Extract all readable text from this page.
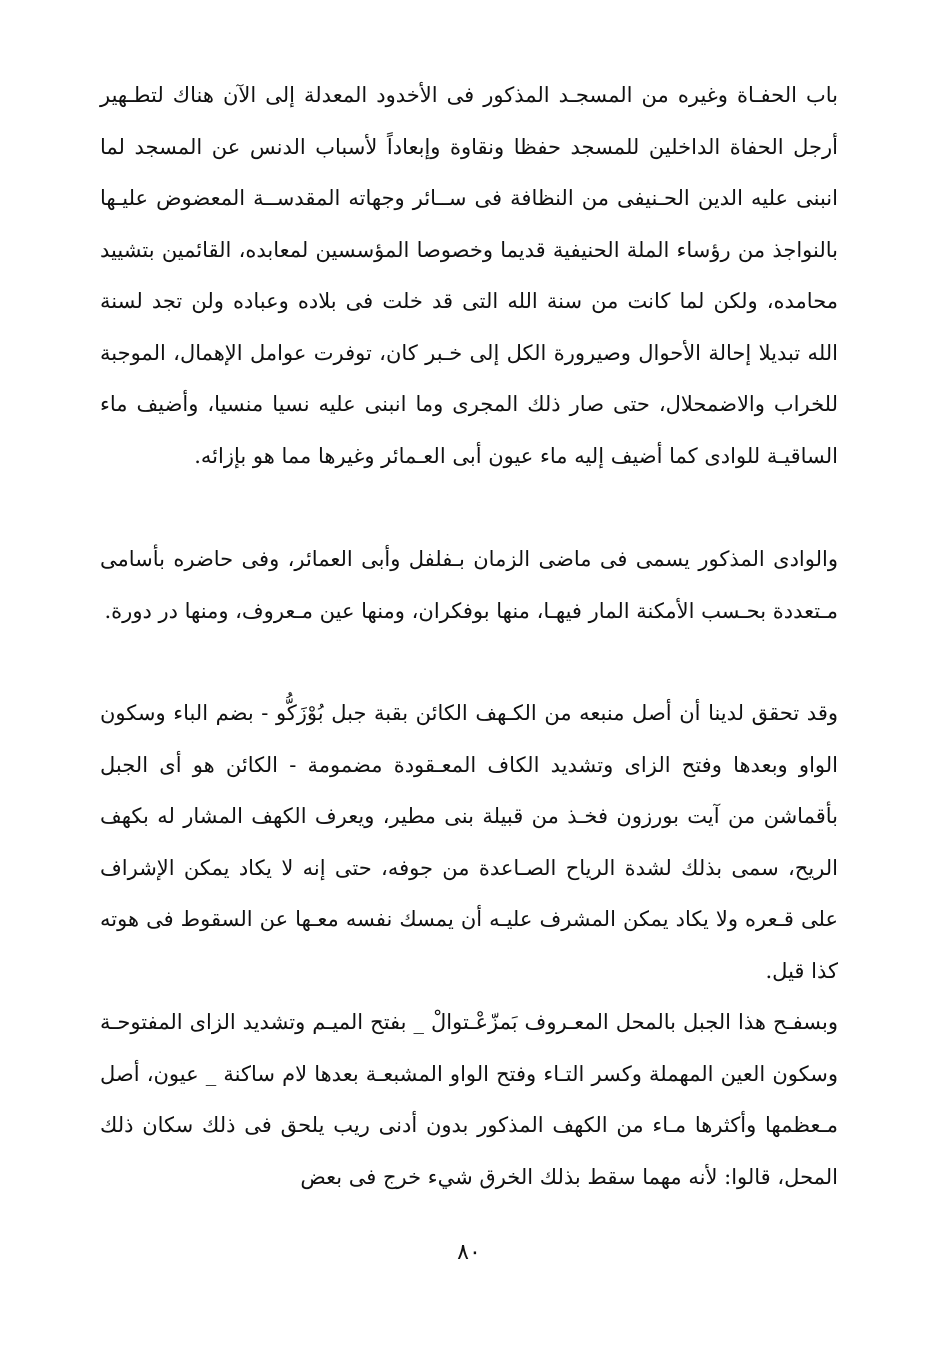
باب الحفـاة وغيره من المسجـد المذكور فى الأخدود المعدلة إلى الآن هناك لتطـهير أرجل الحفاة الداخلين للمسجد حفظا ونقاوة وإبعاداً لأسباب الدنس عن المسجد لما انبنى عليه الدين الحـنيفى من النظافة فى ســائر وجهاته المقدســة المعضوض عليـها بالنواجذ من رؤساء الملة الحنيفية قديما وخصوصا المؤسسين لمعابده، القائمين بتشييد محامده، ولكن لما كانت من سنة الله التى قد خلت فى بلاده وعباده ولن تجد لسنة الله تبديلا إحالة الأحوال وصيرورة الكل إلى خـبر كان، توفرت عوامل الإهمال، الموجبة للخراب والاضمحلال، حتى صار ذلك المجرى وما انبنى عليه نسيا منسيا، وأضيف ماء الساقيـة للوادى كما أضيف إليه ماء عيون أبى العـمائر وغيرها مما هو بإزائه.

والوادى المذكور يسمى فى ماضى الزمان بـفلفل وأبى العمائر، وفى حاضره بأسامى مـتعددة بحـسب الأمكنة المار فيهـا، منها بوفكران، ومنها عين مـعروف، ومنها در دورة.

وقد تحقق لدينا أن أصل منبعه من الكـهف الكائن بقبة جبل بُوْزَكُّو - بضم الباء وسكون الواو وبعدها وفتح الزاى وتشديد الكاف المعـقودة مضمومة - الكائن هو أى الجبل بأقماشن من آيت بورزون فخـذ من قبيلة بنى مطير، ويعرف الكهف المشار له بكهف الريح، سمى بذلك لشدة الرياح الصـاعدة من جوفه، حتى إنه لا يكاد يمكن الإشراف على قـعره ولا يكاد يمكن المشرف عليـه أن يمسك نفسه معـها عن السقوط فى هوته كذا قيل.

وبسفـح هذا الجبل بالمحل المعـروف بَمزّعْـتوالْ _ بفتح الميـم وتشديد الزاى المفتوحـة وسكون العين المهملة وكسر التـاء وفتح الواو المشبعـة بعدها لام ساكنة _ عيون، أصل مـعظمها وأكثرها مـاء من الكهف المذكور بدون أدنى ريب يلحق فى ذلك سكان ذلك المحل، قالوا: لأنه مهما سقط بذلك الخرق شيء خرج فى بعض

٨٠
